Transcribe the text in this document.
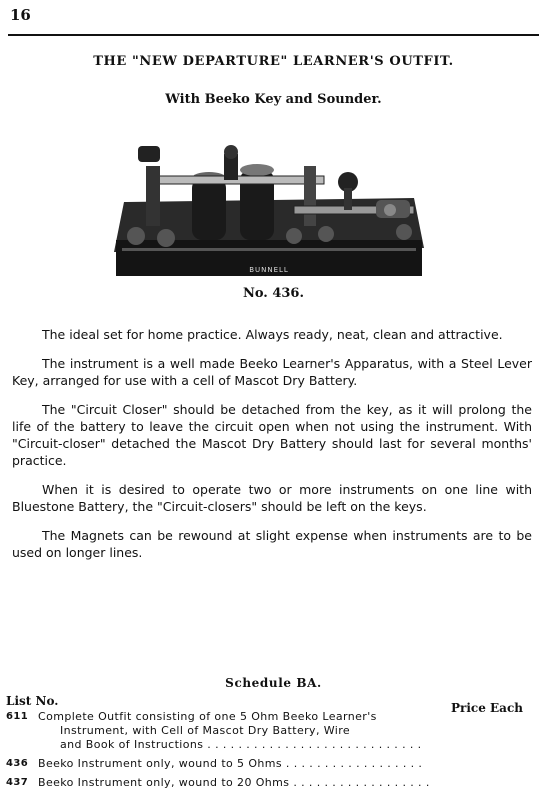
16
THE "NEW DEPARTURE" LEARNER'S OUTFIT.
With Beeko Key and Sounder.
BUNNELL
No. 436.

The ideal set for home practice. Always ready, neat, clean and attractive.

The instrument is a well made Beeko Learner's Apparatus, with a Steel Lever Key, arranged for use with a cell of Mascot Dry Battery.

The "Circuit Closer" should be detached from the key, as it will prolong the life of the battery to leave the circuit open when not using the instrument. With "Circuit-closer" detached the Mascot Dry Battery should last for several months' practice.

When it is desired to operate two or more instruments on one line with Bluestone Battery, the "Circuit-closers" should be left on the keys.

The Magnets can be rewound at slight expense when instruments are to be used on longer lines.

Schedule BA.
List No.	Price Each
611 Complete Outfit consisting of one 5 Ohm Beeko Learner's
Instrument, with Cell of Mascot Dry Battery, Wire
and Book of Instructions . . . . . . . . . . . . . . . . . . . . . . . . . . . .
436 Beeko Instrument only, wound to 5 Ohms . . . . . . . . . . . . . . . . . .
437 Beeko Instrument only, wound to 20 Ohms . . . . . . . . . . . . . . . . . .
